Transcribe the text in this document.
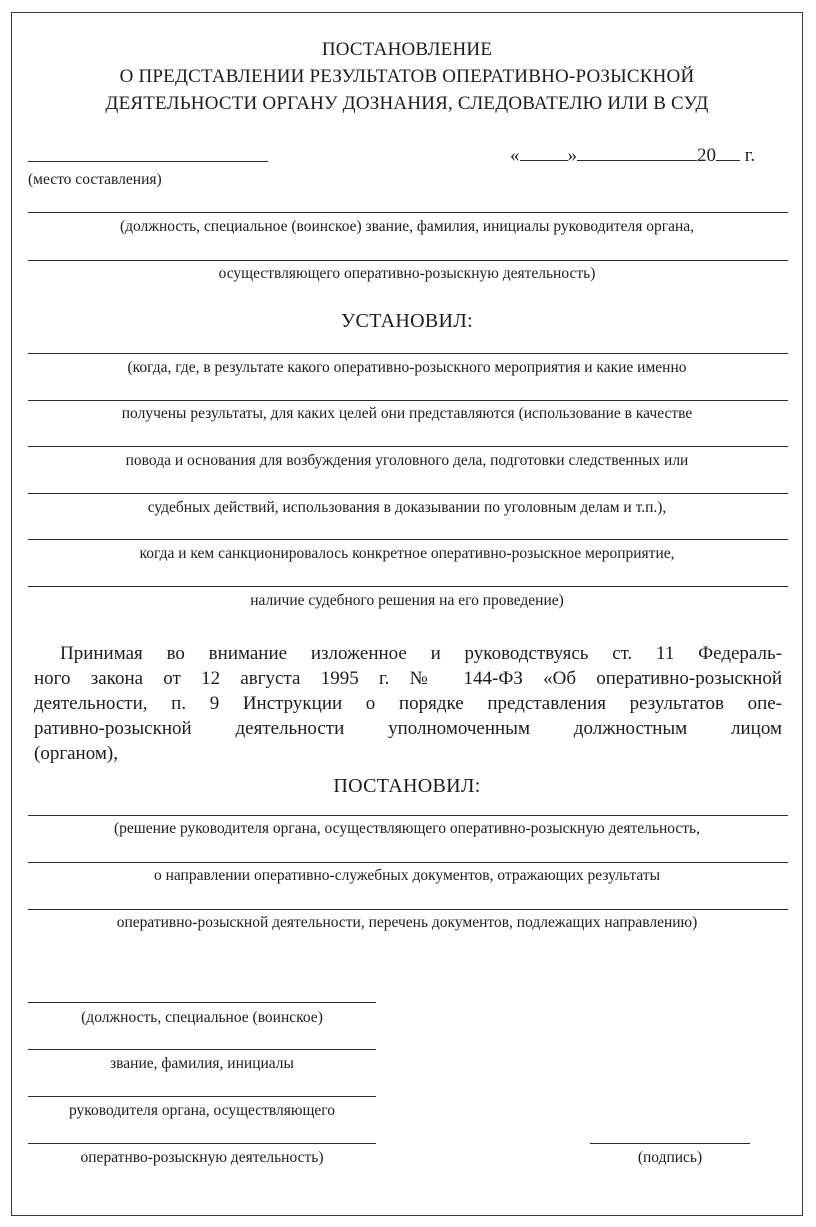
ПОСТАНОВЛЕНИЕ
О ПРЕДСТАВЛЕНИИ РЕЗУЛЬТАТОВ ОПЕРАТИВНО-РОЗЫСКНОЙ
ДЕЯТЕЛЬНОСТИ ОРГАНУ ДОЗНАНИЯ, СЛЕДОВАТЕЛЮ ИЛИ В СУД
(место составления)
«	»	20 г.
(должность, специальное (воинское) звание, фамилия, инициалы руководителя органа,
осуществляющего оперативно-розыскную деятельность)
УСТАНОВИЛ:
(когда, где, в результате какого оперативно-розыскного мероприятия и какие именно
получены результаты, для каких целей они представляются (использование в качестве
повода и основания для возбуждения уголовного дела, подготовки следственных или
судебных действий, использования в доказывании по уголовным делам и т.п.),
когда и кем санкционировалось конкретное оперативно-розыскное мероприятие,
наличие судебного решения на его проведение)
Принимая во внимание изложенное и руководствуясь ст. 11 Федераль-
ного закона от 12 августа 1995 г. № 144-ФЗ «Об оперативно-розыскной
деятельности, п. 9 Инструкции о порядке представления результатов опе-
ративно-розыскной деятельности уполномоченным должностным лицом
(органом),
ПОСТАНОВИЛ:
(решение руководителя органа, осуществляющего оперативно-розыскную деятельность,
о направлении оперативно-служебных документов, отражающих результаты
оперативно-розыскной деятельности, перечень документов, подлежащих направлению)
(должность, специальное (воинское)
звание, фамилия, инициалы
руководителя органа, осуществляющего
оператнво-розыскную деятельность)	(подпись)
